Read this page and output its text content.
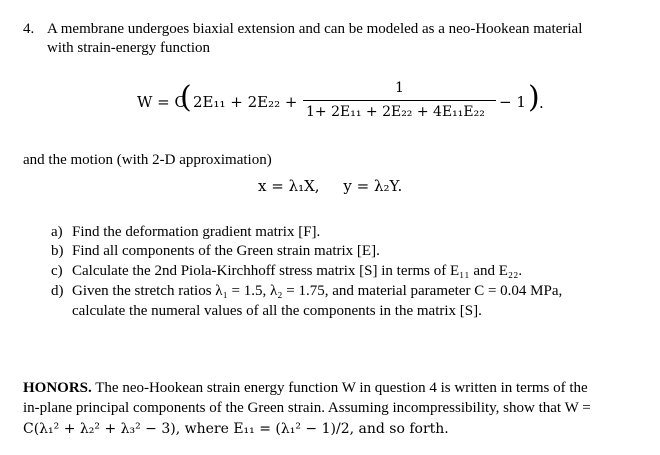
4. A membrane undergoes biaxial extension and can be modeled as a neo-Hookean material
with strain-energy function
W = C
( 2E₁₁ + 2E₂₂ +
1
1+ 2E₁₁ + 2E₂₂ + 4E₁₁E₂₂
− 1 ) .
and the motion (with 2-D approximation)
x = λ₁X,     y = λ₂Y.
a) Find the deformation gradient matrix [F].
b) Find all components of the Green strain matrix [E].
c) Calculate the 2nd Piola-Kirchhoff stress matrix [S] in terms of E₁₁ and E₂₂.
d) Given the stretch ratios λ₁ = 1.5, λ₂ = 1.75, and material parameter C = 0.04 MPa,
calculate the numeral values of all the components in the matrix [S].
HONORS. The neo-Hookean strain energy function W in question 4 is written in terms of the
in-plane principal components of the Green strain. Assuming incompressibility, show that W =
C(λ₁² + λ₂² + λ₃² − 3), where E₁₁ = (λ₁² − 1)/2, and so forth.
